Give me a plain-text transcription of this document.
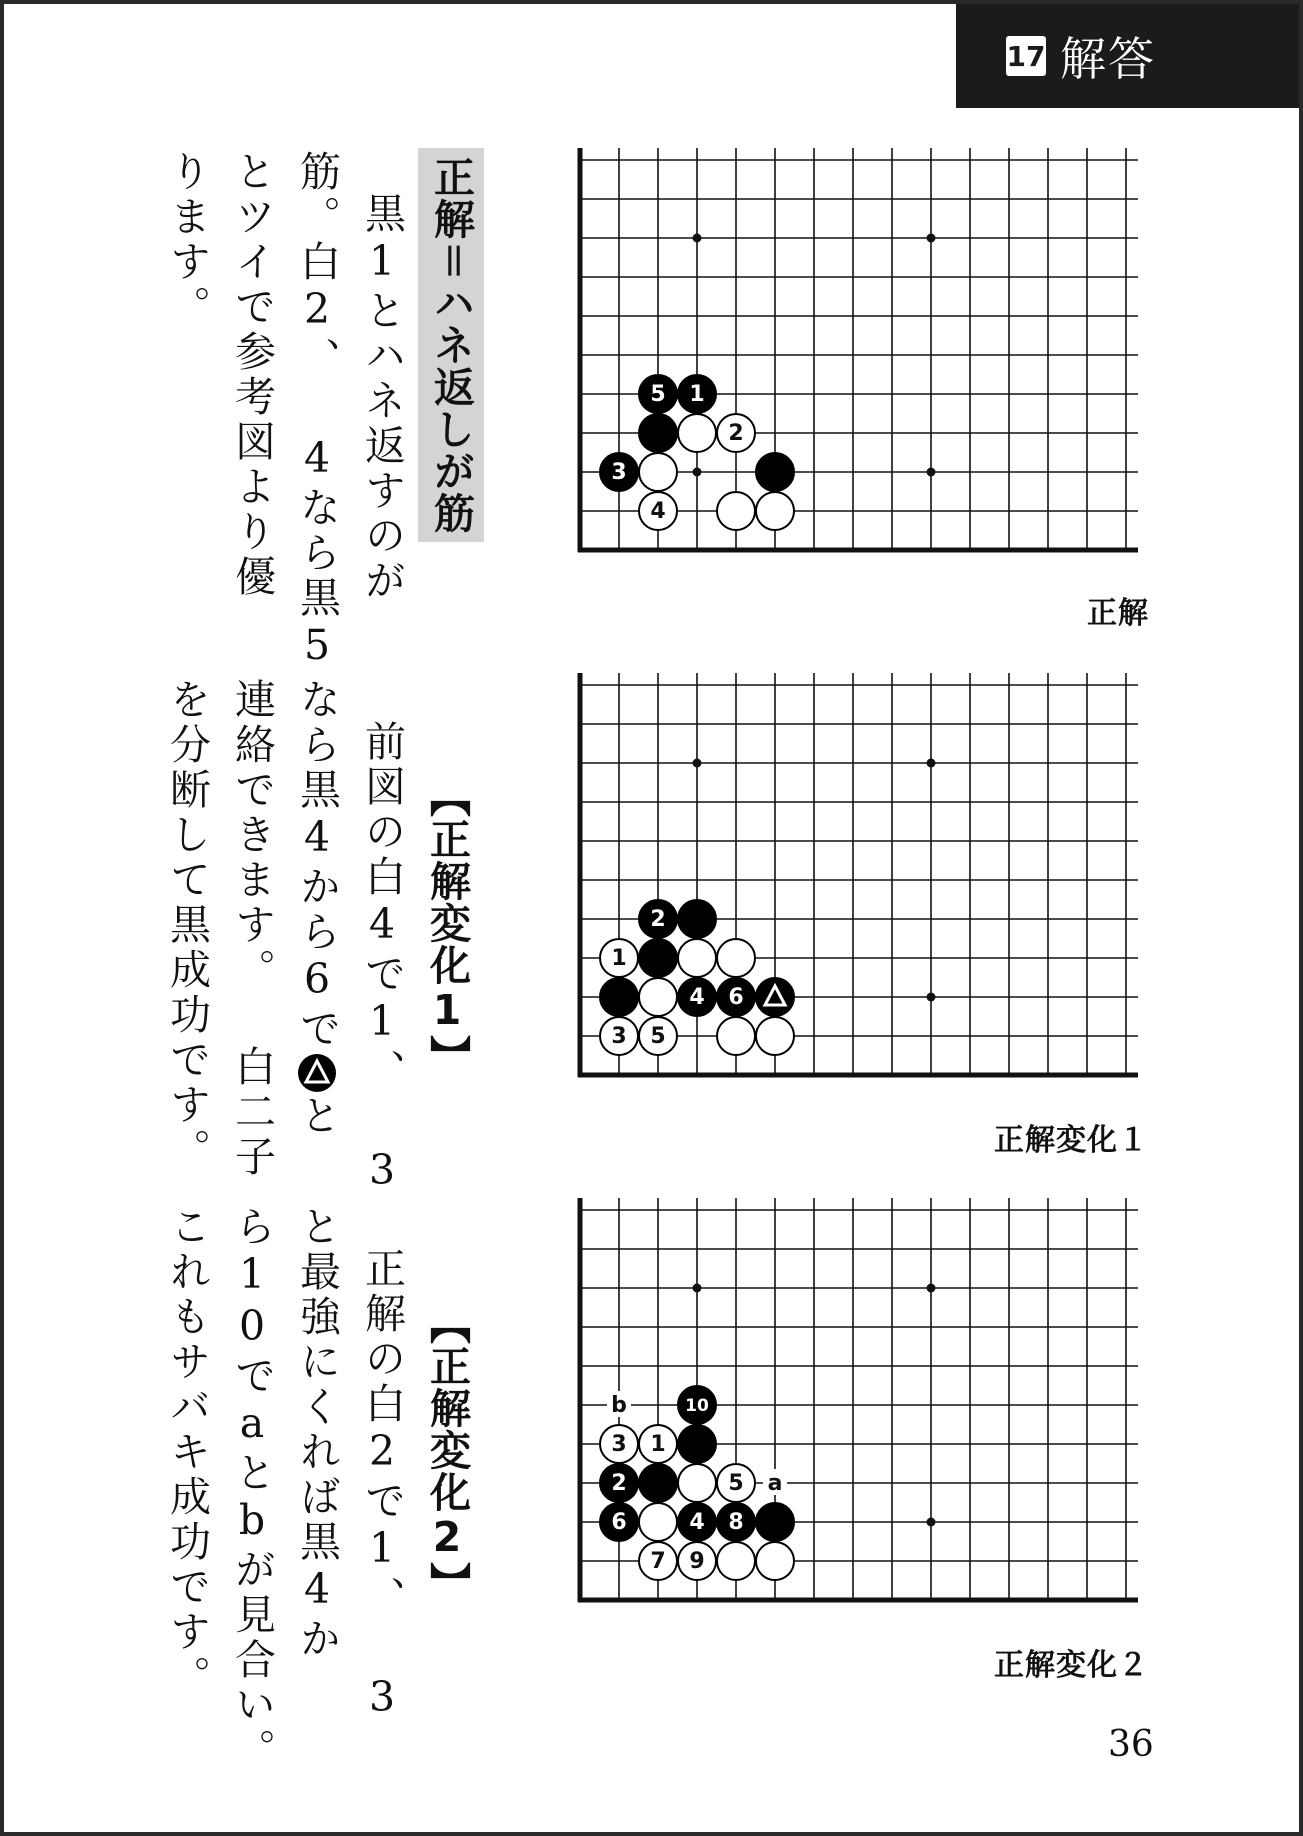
17 解答
1
5
2
3
4
正解
2
1
4 6
3 5
正解変化１
10
3 1
2	5
6	4 8
7 9
b
a
正解変化２
正解＝ハネ返しが筋
黒1とハネ返すのが
筋。白2、 4なら黒5
とツイで参考図より優
ります。

【正解変化1】

前図の白4で1、 3
なら黒4から6で
と
連絡できます。 白二子
を分断して黒成功です。

【正解変化2】

正解の白2で1、 3
と最強にくれば黒4か
ら10でaとbが見合い。
これもサバキ成功です。
36
